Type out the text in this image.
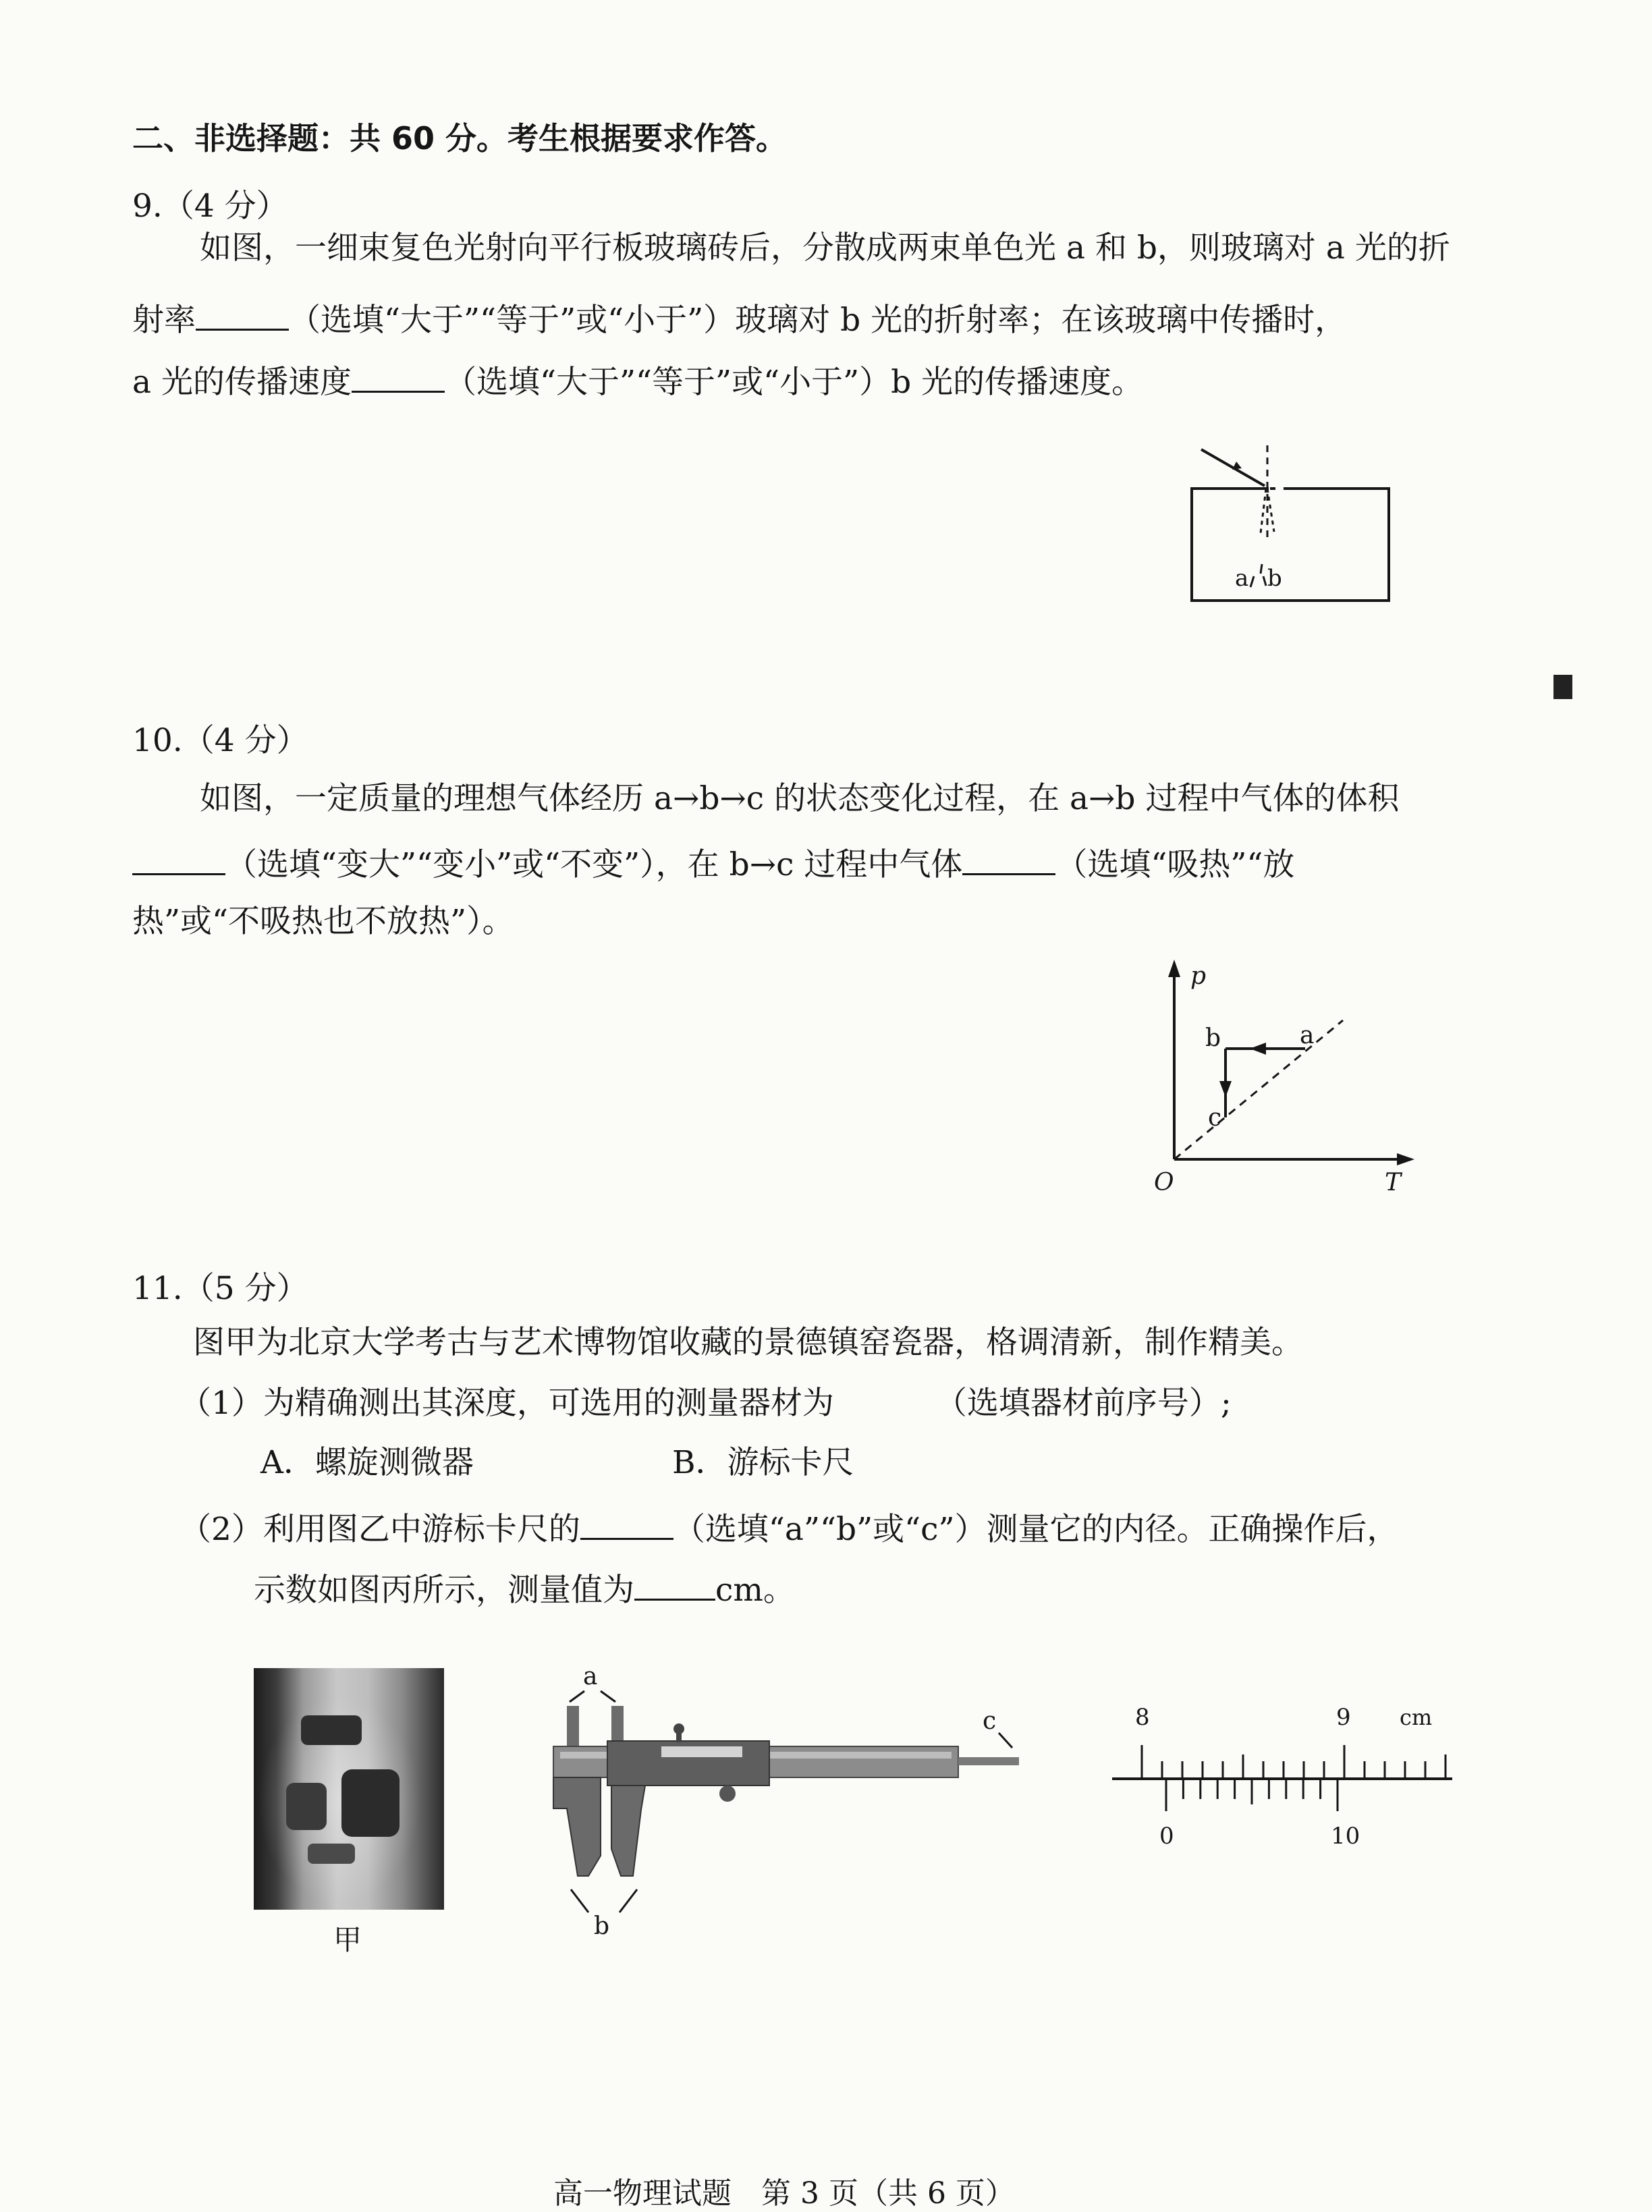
二、非选择题：共 60 分。考生根据要求作答。
9.（4 分）
如图，一细束复色光射向平行板玻璃砖后，分散成两束单色光 a 和 b，则玻璃对 a 光的折
射率	（选填“大于”“等于”或“小于”）玻璃对 b 光的折射率；在该玻璃中传播时，
a 光的传播速度	（选填“大于”“等于”或“小于”）b 光的传播速度。
a b
10.（4 分）
如图，一定质量的理想气体经历 a→b→c 的状态变化过程，在 a→b 过程中气体的体积
（选填“变大”“变小”或“不变”），在 b→c 过程中气体	（选填“吸热”“放
热”或“不吸热也不放热”）。
p
T
O
a
b
c
11.（5 分）
图甲为北京大学考古与艺术博物馆收藏的景德镇窑瓷器，格调清新，制作精美。
（1）为精确测出其深度，可选用的测量器材为	（选填器材前序号）;
A．螺旋测微器	B．游标卡尺
（2）利用图乙中游标卡尺的	（选填“a”“b”或“c”）测量它的内径。正确操作后，
示数如图丙所示，测量值为	cm。
甲
a
c
b
8	9 cm
0	10
高一物理试题　第 3 页（共 6 页）
